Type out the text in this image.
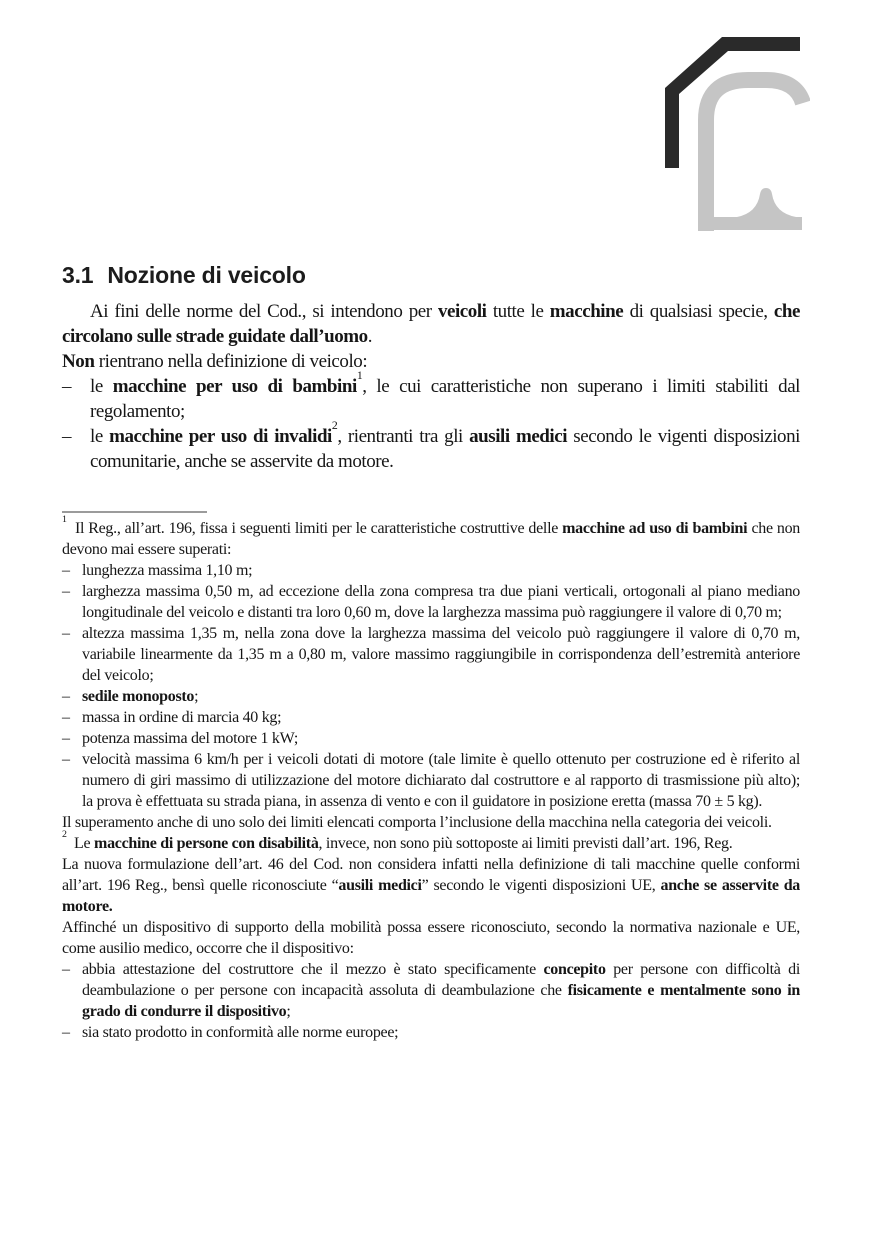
3.1 Nozione di veicolo
Ai fini delle norme del Cod., si intendono per veicoli tutte le macchine di qualsiasi specie, che circolano sulle strade guidate dall’uomo.
Non rientrano nella definizione di veicolo:
– le macchine per uso di bambini$^1$, le cui caratteristiche non superano i limiti stabiliti dal regolamento;
– le macchine per uso di invalidi$^2$, rientranti tra gli ausili medici secondo le vigenti disposizioni comunitarie, anche se asservite da motore.
$^1$  Il Reg., all’art. 196, fissa i seguenti limiti per le caratteristiche costruttive delle macchine ad uso di bambini che non devono mai essere superati:
– lunghezza massima 1,10 m;
– larghezza massima 0,50 m, ad eccezione della zona compresa tra due piani verticali, ortogonali al piano mediano longitudinale del veicolo e distanti tra loro 0,60 m, dove la larghezza massima può raggiungere il valore di 0,70 m;
– altezza massima 1,35 m, nella zona dove la larghezza massima del veicolo può raggiungere il valore di 0,70 m, variabile linearmente da 1,35 m a 0,80 m, valore massimo raggiungibile in corrispondenza dell’estremità anteriore del veicolo;
– sedile monoposto;
– massa in ordine di marcia 40 kg;
– potenza massima del motore 1 kW;
– velocità massima 6 km/h per i veicoli dotati di motore (tale limite è quello ottenuto per costruzione ed è riferito al numero di giri massimo di utilizzazione del motore dichiarato dal costruttore e al rapporto di trasmissione più alto); la prova è effettuata su strada piana, in assenza di vento e con il guidatore in posizione eretta (massa 70 ± 5 kg).
Il superamento anche di uno solo dei limiti elencati comporta l’inclusione della macchina nella categoria dei veicoli.
$^2$  Le macchine di persone con disabilità, invece, non sono più sottoposte ai limiti previsti dall’art. 196, Reg.
La nuova formulazione dell’art. 46 del Cod. non considera infatti nella definizione di tali macchine quelle conformi all’art. 196 Reg., bensì quelle riconosciute “ausili medici” secondo le vigenti disposizioni UE, anche se asservite da motore.
Affinché un dispositivo di supporto della mobilità possa essere riconosciuto, secondo la normativa nazionale e UE, come ausilio medico, occorre che il dispositivo:
– abbia attestazione del costruttore che il mezzo è stato specificamente concepito per persone con difficoltà di deambulazione o per persone con incapacità assoluta di deambulazione che fisicamente e mentalmente sono in grado di condurre il dispositivo;
– sia stato prodotto in conformità alle norme europee;
